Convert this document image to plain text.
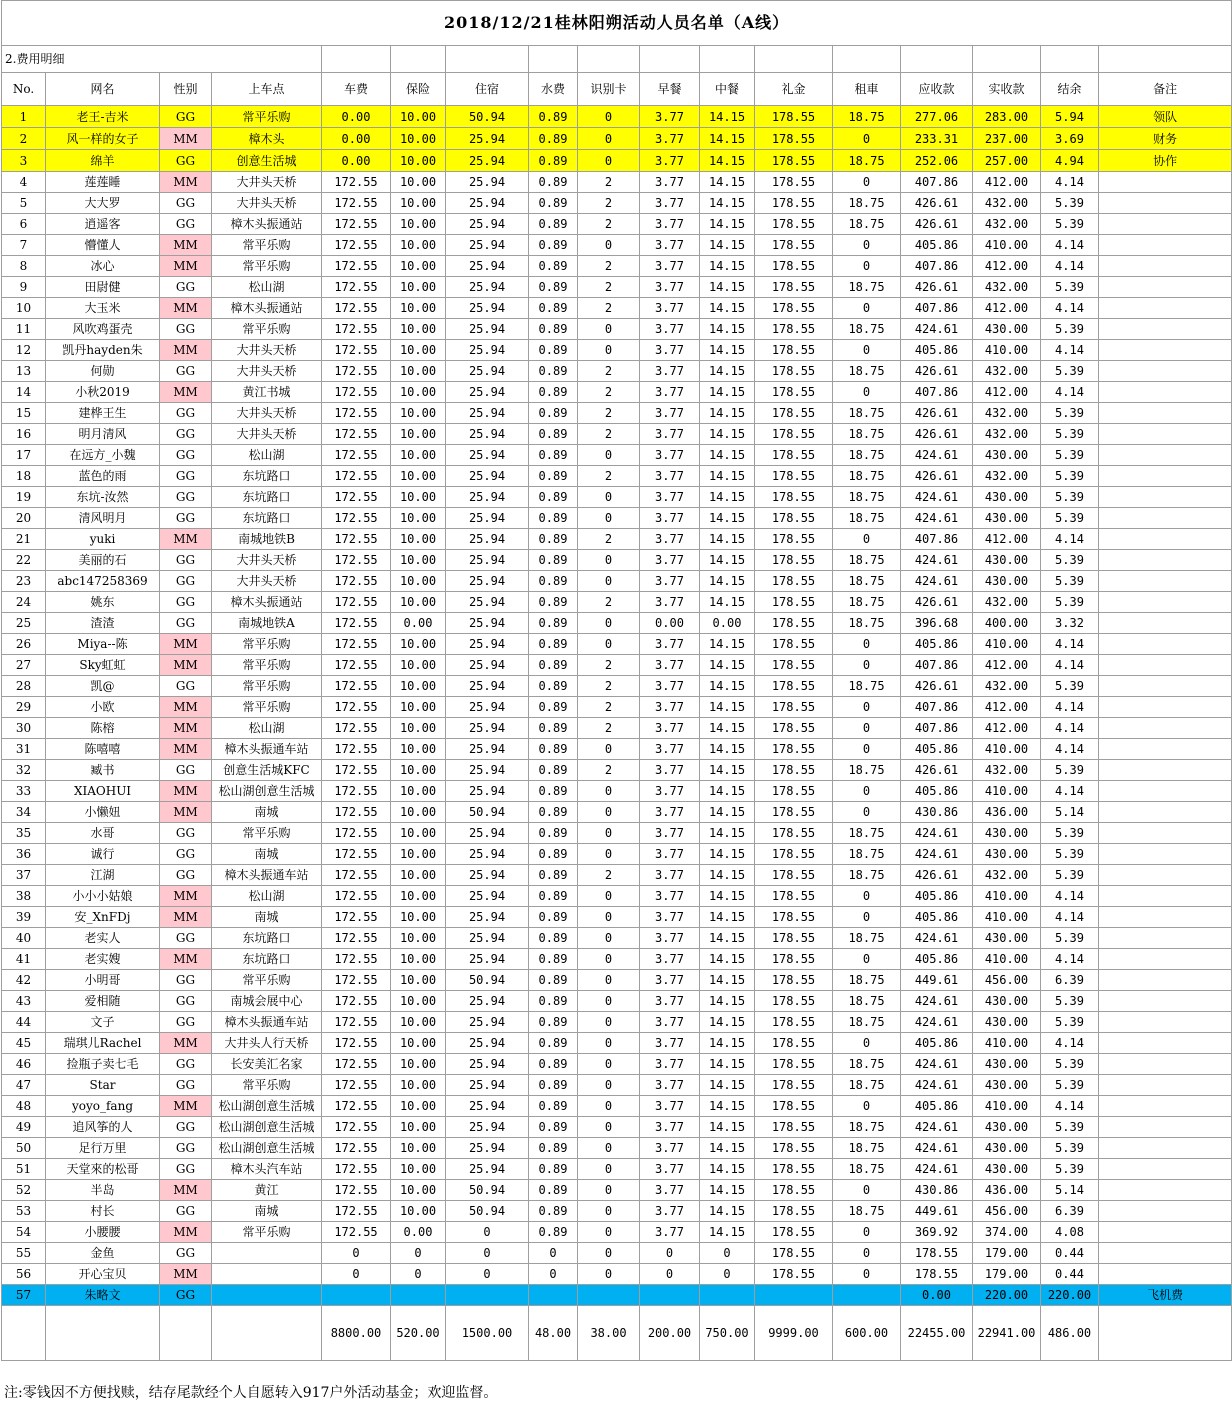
2018/12/21桂林阳朔活动人员名单（A线）																
2.费用明细																
No.	网名	性别	上车点	车费	保险	住宿	水费	识别卡	早餐	中餐	礼金	租車	应收款	实收款	结余	备注
1	老王-吉米	GG	常平乐购	0.00	10.00	50.94	0.89	0	3.77	14.15	178.55	18.75	277.06	283.00	5.94	领队
2	风一样的女子	MM	樟木头	0.00	10.00	25.94	0.89	0	3.77	14.15	178.55	0	233.31	237.00	3.69	财务
3	绵羊	GG	创意生活城	0.00	10.00	25.94	0.89	0	3.77	14.15	178.55	18.75	252.06	257.00	4.94	协作
4	莲莲睡	MM	大井头天桥	172.55	10.00	25.94	0.89	2	3.77	14.15	178.55	0	407.86	412.00	4.14	
5	大大罗	GG	大井头天桥	172.55	10.00	25.94	0.89	2	3.77	14.15	178.55	18.75	426.61	432.00	5.39	
6	逍遥客	GG	樟木头振通站	172.55	10.00	25.94	0.89	2	3.77	14.15	178.55	18.75	426.61	432.00	5.39	
7	懵懂人	MM	常平乐购	172.55	10.00	25.94	0.89	0	3.77	14.15	178.55	0	405.86	410.00	4.14	
8	冰心	MM	常平乐购	172.55	10.00	25.94	0.89	2	3.77	14.15	178.55	0	407.86	412.00	4.14	
9	田尉健	GG	松山湖	172.55	10.00	25.94	0.89	2	3.77	14.15	178.55	18.75	426.61	432.00	5.39	
10	大玉米	MM	樟木头振通站	172.55	10.00	25.94	0.89	2	3.77	14.15	178.55	0	407.86	412.00	4.14	
11	风吹鸡蛋壳	GG	常平乐购	172.55	10.00	25.94	0.89	0	3.77	14.15	178.55	18.75	424.61	430.00	5.39	
12	凯丹hayden朱	MM	大井头天桥	172.55	10.00	25.94	0.89	0	3.77	14.15	178.55	0	405.86	410.00	4.14	
13	何勋	GG	大井头天桥	172.55	10.00	25.94	0.89	2	3.77	14.15	178.55	18.75	426.61	432.00	5.39	
14	小秋2019	MM	黄江书城	172.55	10.00	25.94	0.89	2	3.77	14.15	178.55	0	407.86	412.00	4.14	
15	建桦王生	GG	大井头天桥	172.55	10.00	25.94	0.89	2	3.77	14.15	178.55	18.75	426.61	432.00	5.39	
16	明月清风	GG	大井头天桥	172.55	10.00	25.94	0.89	2	3.77	14.15	178.55	18.75	426.61	432.00	5.39	
17	在远方_小魏	GG	松山湖	172.55	10.00	25.94	0.89	0	3.77	14.15	178.55	18.75	424.61	430.00	5.39	
18	蓝色的雨	GG	东坑路口	172.55	10.00	25.94	0.89	2	3.77	14.15	178.55	18.75	426.61	432.00	5.39	
19	东坑-汝然	GG	东坑路口	172.55	10.00	25.94	0.89	0	3.77	14.15	178.55	18.75	424.61	430.00	5.39	
20	清风明月	GG	东坑路口	172.55	10.00	25.94	0.89	0	3.77	14.15	178.55	18.75	424.61	430.00	5.39	
21	yuki	MM	南城地铁B	172.55	10.00	25.94	0.89	2	3.77	14.15	178.55	0	407.86	412.00	4.14	
22	美丽的石	GG	大井头天桥	172.55	10.00	25.94	0.89	0	3.77	14.15	178.55	18.75	424.61	430.00	5.39	
23	abc147258369	GG	大井头天桥	172.55	10.00	25.94	0.89	0	3.77	14.15	178.55	18.75	424.61	430.00	5.39	
24	姚东	GG	樟木头振通站	172.55	10.00	25.94	0.89	2	3.77	14.15	178.55	18.75	426.61	432.00	5.39	
25	渣渣	GG	南城地铁A	172.55	0.00	25.94	0.89	0	0.00	0.00	178.55	18.75	396.68	400.00	3.32	
26	Miya--陈	MM	常平乐购	172.55	10.00	25.94	0.89	0	3.77	14.15	178.55	0	405.86	410.00	4.14	
27	Sky虹虹	MM	常平乐购	172.55	10.00	25.94	0.89	2	3.77	14.15	178.55	0	407.86	412.00	4.14	
28	凯@	GG	常平乐购	172.55	10.00	25.94	0.89	2	3.77	14.15	178.55	18.75	426.61	432.00	5.39	
29	小欧	MM	常平乐购	172.55	10.00	25.94	0.89	2	3.77	14.15	178.55	0	407.86	412.00	4.14	
30	陈榕	MM	松山湖	172.55	10.00	25.94	0.89	2	3.77	14.15	178.55	0	407.86	412.00	4.14	
31	陈嘻嘻	MM	樟木头振通车站	172.55	10.00	25.94	0.89	0	3.77	14.15	178.55	0	405.86	410.00	4.14	
32	臧书	GG	创意生活城KFC	172.55	10.00	25.94	0.89	2	3.77	14.15	178.55	18.75	426.61	432.00	5.39	
33	XIAOHUI	MM	松山湖创意生活城	172.55	10.00	25.94	0.89	0	3.77	14.15	178.55	0	405.86	410.00	4.14	
34	小懒妞	MM	南城	172.55	10.00	50.94	0.89	0	3.77	14.15	178.55	0	430.86	436.00	5.14	
35	水哥	GG	常平乐购	172.55	10.00	25.94	0.89	0	3.77	14.15	178.55	18.75	424.61	430.00	5.39	
36	诚行	GG	南城	172.55	10.00	25.94	0.89	0	3.77	14.15	178.55	18.75	424.61	430.00	5.39	
37	江湖	GG	樟木头振通车站	172.55	10.00	25.94	0.89	2	3.77	14.15	178.55	18.75	426.61	432.00	5.39	
38	小小小姑娘	MM	松山湖	172.55	10.00	25.94	0.89	0	3.77	14.15	178.55	0	405.86	410.00	4.14	
39	安_XnFDj	MM	南城	172.55	10.00	25.94	0.89	0	3.77	14.15	178.55	0	405.86	410.00	4.14	
40	老实人	GG	东坑路口	172.55	10.00	25.94	0.89	0	3.77	14.15	178.55	18.75	424.61	430.00	5.39	
41	老实嫂	MM	东坑路口	172.55	10.00	25.94	0.89	0	3.77	14.15	178.55	0	405.86	410.00	4.14	
42	小明哥	GG	常平乐购	172.55	10.00	50.94	0.89	0	3.77	14.15	178.55	18.75	449.61	456.00	6.39	
43	爱相随	GG	南城会展中心	172.55	10.00	25.94	0.89	0	3.77	14.15	178.55	18.75	424.61	430.00	5.39	
44	文子	GG	樟木头振通车站	172.55	10.00	25.94	0.89	0	3.77	14.15	178.55	18.75	424.61	430.00	5.39	
45	瑞琪儿Rachel	MM	大井头人行天桥	172.55	10.00	25.94	0.89	0	3.77	14.15	178.55	0	405.86	410.00	4.14	
46	捡瓶子卖七毛	GG	长安美汇名家	172.55	10.00	25.94	0.89	0	3.77	14.15	178.55	18.75	424.61	430.00	5.39	
47	Star	GG	常平乐购	172.55	10.00	25.94	0.89	0	3.77	14.15	178.55	18.75	424.61	430.00	5.39	
48	yoyo_fang	MM	松山湖创意生活城	172.55	10.00	25.94	0.89	0	3.77	14.15	178.55	0	405.86	410.00	4.14	
49	追风筝的人	GG	松山湖创意生活城	172.55	10.00	25.94	0.89	0	3.77	14.15	178.55	18.75	424.61	430.00	5.39	
50	足行万里	GG	松山湖创意生活城	172.55	10.00	25.94	0.89	0	3.77	14.15	178.55	18.75	424.61	430.00	5.39	
51	天堂來的松哥	GG	樟木头汽车站	172.55	10.00	25.94	0.89	0	3.77	14.15	178.55	18.75	424.61	430.00	5.39	
52	半岛	MM	黄江	172.55	10.00	50.94	0.89	0	3.77	14.15	178.55	0	430.86	436.00	5.14	
53	村长	GG	南城	172.55	10.00	50.94	0.89	0	3.77	14.15	178.55	18.75	449.61	456.00	6.39	
54	小腰腰	MM	常平乐购	172.55	0.00	0	0.89	0	3.77	14.15	178.55	0	369.92	374.00	4.08	
55	金鱼	GG		0	0	0	0	0	0	0	178.55	0	178.55	179.00	0.44	
56	开心宝贝	MM		0	0	0	0	0	0	0	178.55	0	178.55	179.00	0.44	
57	朱略文	GG											0.00	220.00	220.00	飞机费
				8800.00	520.00	1500.00	48.00	38.00	200.00	750.00	9999.00	600.00	22455.00	22941.00	486.00	
注:零钱因不方便找赎，结存尾款经个人自愿转入917户外活动基金；欢迎监督。
